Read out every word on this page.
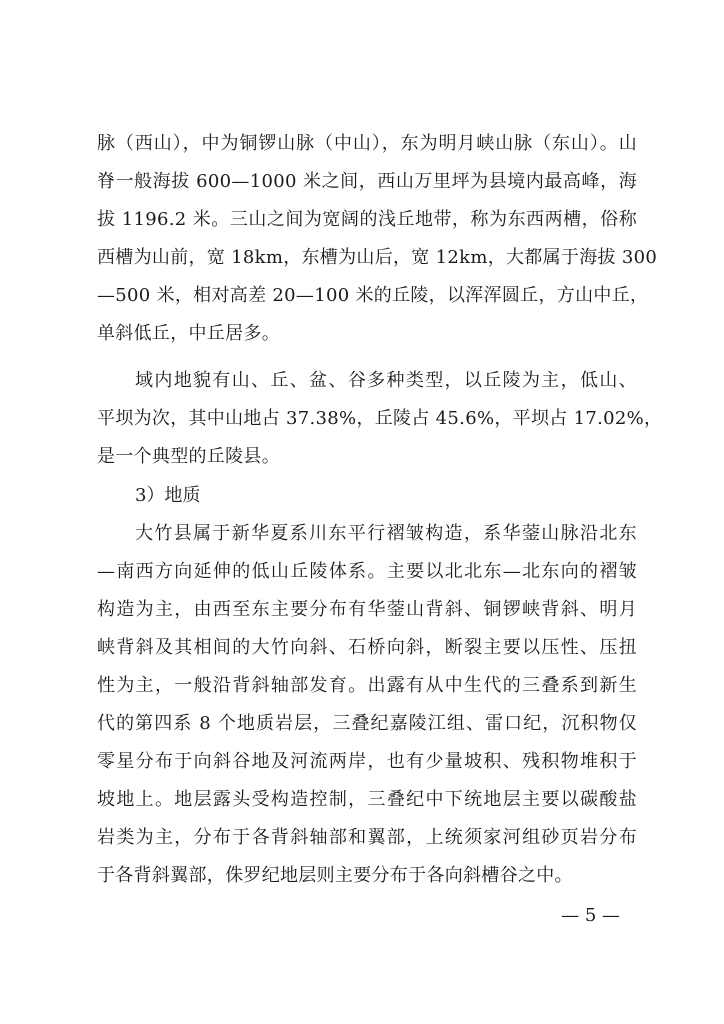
脉（西山），中为铜锣山脉（中山），东为明月峡山脉（东山）。山
脊一般海拔 600—1000 米之间，西山万里坪为县境内最高峰，海
拔 1196.2 米。三山之间为宽阔的浅丘地带，称为东西两槽，俗称
西槽为山前，宽 18km，东槽为山后，宽 12km，大都属于海拔 300
—500 米，相对高差 20—100 米的丘陵，以浑浑圆丘，方山中丘，
单斜低丘，中丘居多。
域内地貌有山、丘、盆、谷多种类型，以丘陵为主，低山、
平坝为次，其中山地占 37.38%，丘陵占 45.6%，平坝占 17.02%，
是一个典型的丘陵县。
3）地质
大竹县属于新华夏系川东平行褶皱构造，系华蓥山脉沿北东
—南西方向延伸的低山丘陵体系。主要以北北东—北东向的褶皱
构造为主，由西至东主要分布有华蓥山背斜、铜锣峡背斜、明月
峡背斜及其相间的大竹向斜、石桥向斜，断裂主要以压性、压扭
性为主，一般沿背斜轴部发育。出露有从中生代的三叠系到新生
代的第四系 8 个地质岩层，三叠纪嘉陵江组、雷口纪，沉积物仅
零星分布于向斜谷地及河流两岸，也有少量坡积、残积物堆积于
坡地上。地层露头受构造控制，三叠纪中下统地层主要以碳酸盐
岩类为主，分布于各背斜轴部和翼部，上统须家河组砂页岩分布
于各背斜翼部，侏罗纪地层则主要分布于各向斜槽谷之中。
— 5 —
